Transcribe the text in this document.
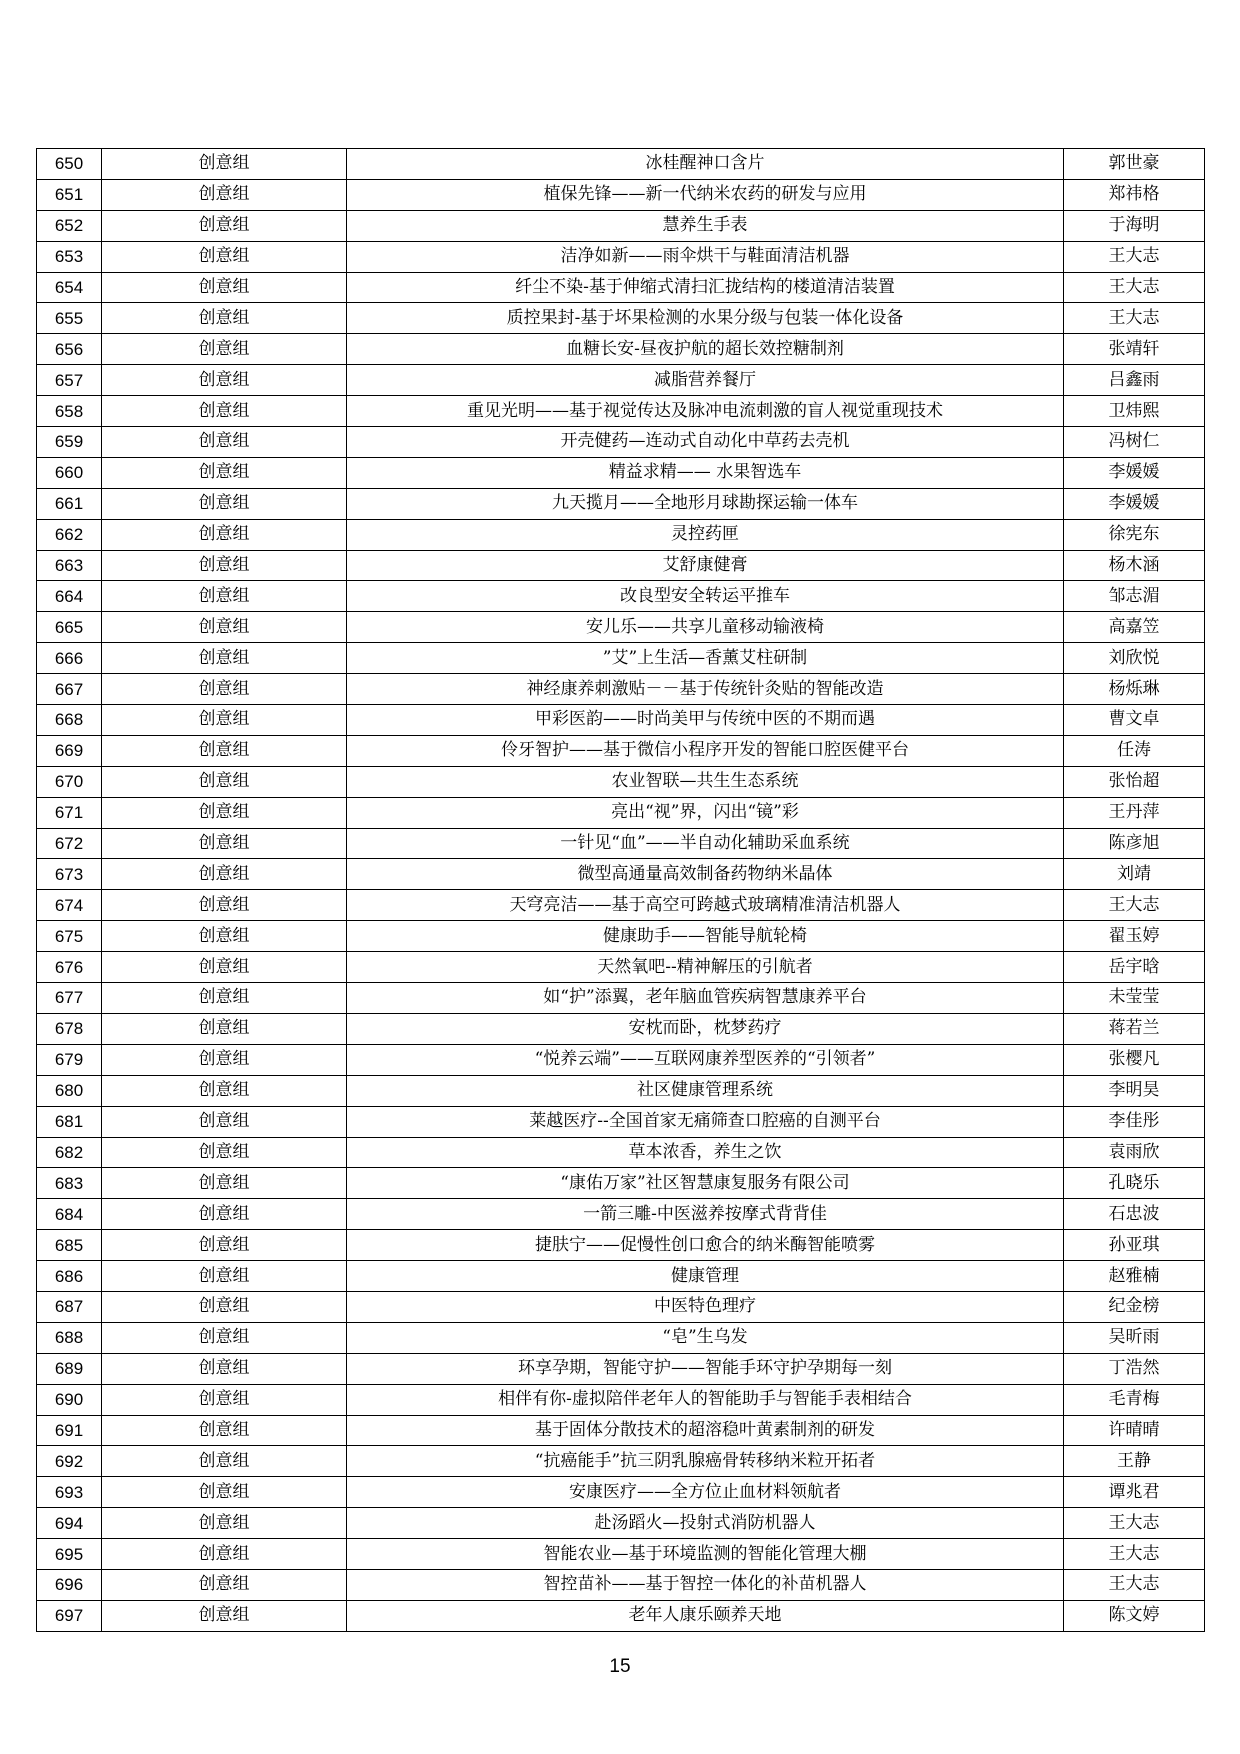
650	创意组	冰桂醒神口含片	郭世豪
651	创意组	植保先锋——新一代纳米农药的研发与应用	郑祎格
652	创意组	慧养生手表	于海明
653	创意组	洁净如新——雨伞烘干与鞋面清洁机器	王大志
654	创意组	纤尘不染-基于伸缩式清扫汇拢结构的楼道清洁装置	王大志
655	创意组	质控果封-基于坏果检测的水果分级与包装一体化设备	王大志
656	创意组	血糖长安-昼夜护航的超长效控糖制剂	张靖轩
657	创意组	减脂营养餐厅	吕鑫雨
658	创意组	重见光明——基于视觉传达及脉冲电流刺激的盲人视觉重现技术	卫炜熙
659	创意组	开壳健药—连动式自动化中草药去壳机	冯树仁
660	创意组	精益求精—— 水果智选车	李媛媛
661	创意组	九天揽月——全地形月球勘探运输一体车	李媛媛
662	创意组	灵控药匣	徐宪东
663	创意组	艾舒康健膏	杨木涵
664	创意组	改良型安全转运平推车	邹志湄
665	创意组	安儿乐——共享儿童移动输液椅	高嘉笠
666	创意组	”艾”上生活—香薰艾柱研制	刘欣悦
667	创意组	神经康养刺激贴－－基于传统针灸贴的智能改造	杨烁琳
668	创意组	甲彩医韵——时尚美甲与传统中医的不期而遇	曹文卓
669	创意组	伶牙智护——基于微信小程序开发的智能口腔医健平台	任涛
670	创意组	农业智联—共生生态系统	张怡超
671	创意组	亮出“视”界，闪出“镜”彩	王丹萍
672	创意组	一针见“血”——半自动化辅助采血系统	陈彦旭
673	创意组	微型高通量高效制备药物纳米晶体	刘靖
674	创意组	天穹亮洁——基于高空可跨越式玻璃精准清洁机器人	王大志
675	创意组	健康助手——智能导航轮椅	翟玉婷
676	创意组	天然氧吧--精神解压的引航者	岳宇晗
677	创意组	如“护”添翼，老年脑血管疾病智慧康养平台	未莹莹
678	创意组	安枕而卧，枕梦药疗	蒋若兰
679	创意组	“悦养云端”——互联网康养型医养的“引领者”	张樱凡
680	创意组	社区健康管理系统	李明昊
681	创意组	莱越医疗--全国首家无痛筛查口腔癌的自测平台	李佳彤
682	创意组	草本浓香，养生之饮	袁雨欣
683	创意组	“康佑万家”社区智慧康复服务有限公司	孔晓乐
684	创意组	一箭三雕-中医滋养按摩式背背佳	石忠波
685	创意组	捷肤宁——促慢性创口愈合的纳米酶智能喷雾	孙亚琪
686	创意组	健康管理	赵雅楠
687	创意组	中医特色理疗	纪金榜
688	创意组	“皂”生乌发	吴昕雨
689	创意组	环享孕期，智能守护——智能手环守护孕期每一刻	丁浩然
690	创意组	相伴有你-虚拟陪伴老年人的智能助手与智能手表相结合	毛青梅
691	创意组	基于固体分散技术的超溶稳叶黄素制剂的研发	许晴晴
692	创意组	“抗癌能手”抗三阴乳腺癌骨转移纳米粒开拓者	王静
693	创意组	安康医疗——全方位止血材料领航者	谭兆君
694	创意组	赴汤蹈火—投射式消防机器人	王大志
695	创意组	智能农业—基于环境监测的智能化管理大棚	王大志
696	创意组	智控苗补——基于智控一体化的补苗机器人	王大志
697	创意组	老年人康乐颐养天地	陈文婷
15
